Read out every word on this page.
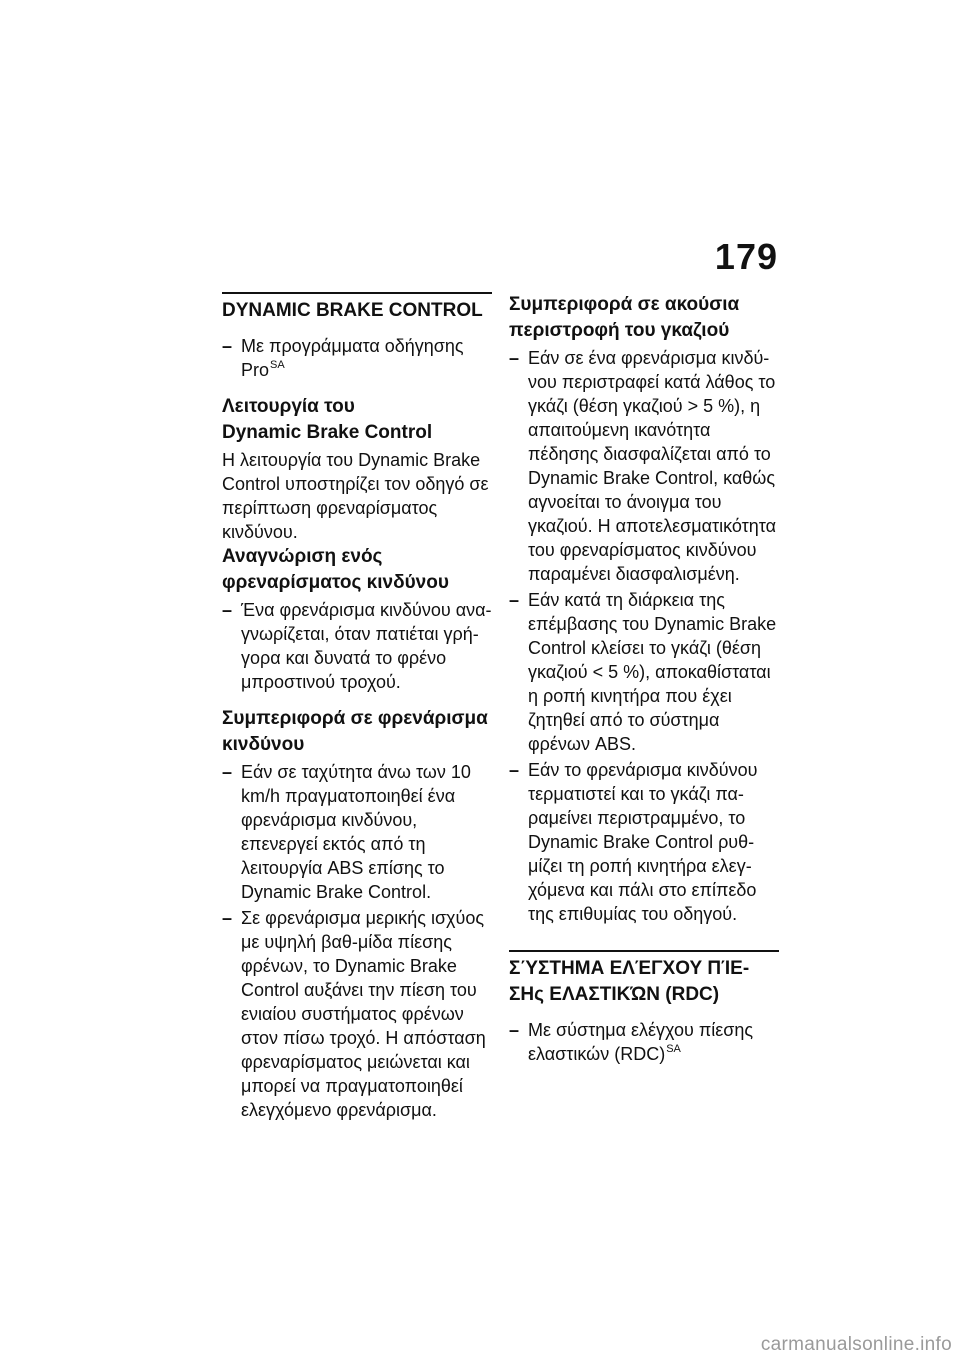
179
DYNAMIC BRAKE CONTROL
– Με προγράμματα οδήγησης Pro$^{SA}$
Λειτουργία του
Dynamic Brake Control

Η λειτουργία του Dynamic Brake Control υποστηρίζει τον οδηγό σε περίπτωση φρεναρίσματος κινδύνου.

Αναγνώριση ενός φρεναρίσματος κινδύνου
– Ένα φρενάρισμα κινδύνου ανα-γνωρίζεται, όταν πατιέται γρή-γορα και δυνατά το φρένο μπροστινού τροχού.
Συμπεριφορά σε φρενάρισμα κινδύνου
– Εάν σε ταχύτητα άνω των 10 km/h πραγματοποιηθεί ένα φρενάρισμα κινδύνου, επενεργεί εκτός από τη λειτουργία ABS επίσης το Dynamic Brake Control.
– Σε φρενάρισμα μερικής ισχύος με υψηλή βαθ-μίδα πίεσης φρένων, το Dynamic Brake Control αυξάνει την πίεση του ενιαίου συστήματος φρένων στον πίσω τροχό. Η απόσταση φρεναρίσματος μειώνεται και μπορεί να πραγματοποιηθεί ελεγχόμενο φρενάρισμα.
Συμπεριφορά σε ακούσια περιστροφή του γκαζιού
– Εάν σε ένα φρενάρισμα κινδύ-νου περιστραφεί κατά λάθος το γκάζι (θέση γκαζιού > 5 %), η απαιτούμενη ικανότητα πέδησης διασφαλίζεται από το Dynamic Brake Control, καθώς αγνοείται το άνοιγμα του γκαζιού. Η αποτελεσματικότητα του φρεναρίσματος κινδύνου παραμένει διασφαλισμένη.
– Εάν κατά τη διάρκεια της επέμβασης του Dynamic Brake Control κλείσει το γκάζι (θέση γκαζιού < 5 %), αποκαθίσταται η ροπή κινητήρα που έχει ζητηθεί από το σύστημα φρένων ABS.
– Εάν το φρενάρισμα κινδύνου τερματιστεί και το γκάζι πα-ραμείνει περιστραμμένο, το Dynamic Brake Control ρυθ-μίζει τη ροπή κινητήρα ελεγ-χόμενα και πάλι στο επίπεδο της επιθυμίας του οδηγού.
ΣΎΣΤΗΜΑ ΕΛΈΓΧΟΥ ΠΊΕ-ΣΗς ΕΛΑΣΤΙΚΏΝ (RDC)
– Με σύστημα ελέγχου πίεσης ελαστικών (RDC)$^{SA}$
carmanualsonline.info
